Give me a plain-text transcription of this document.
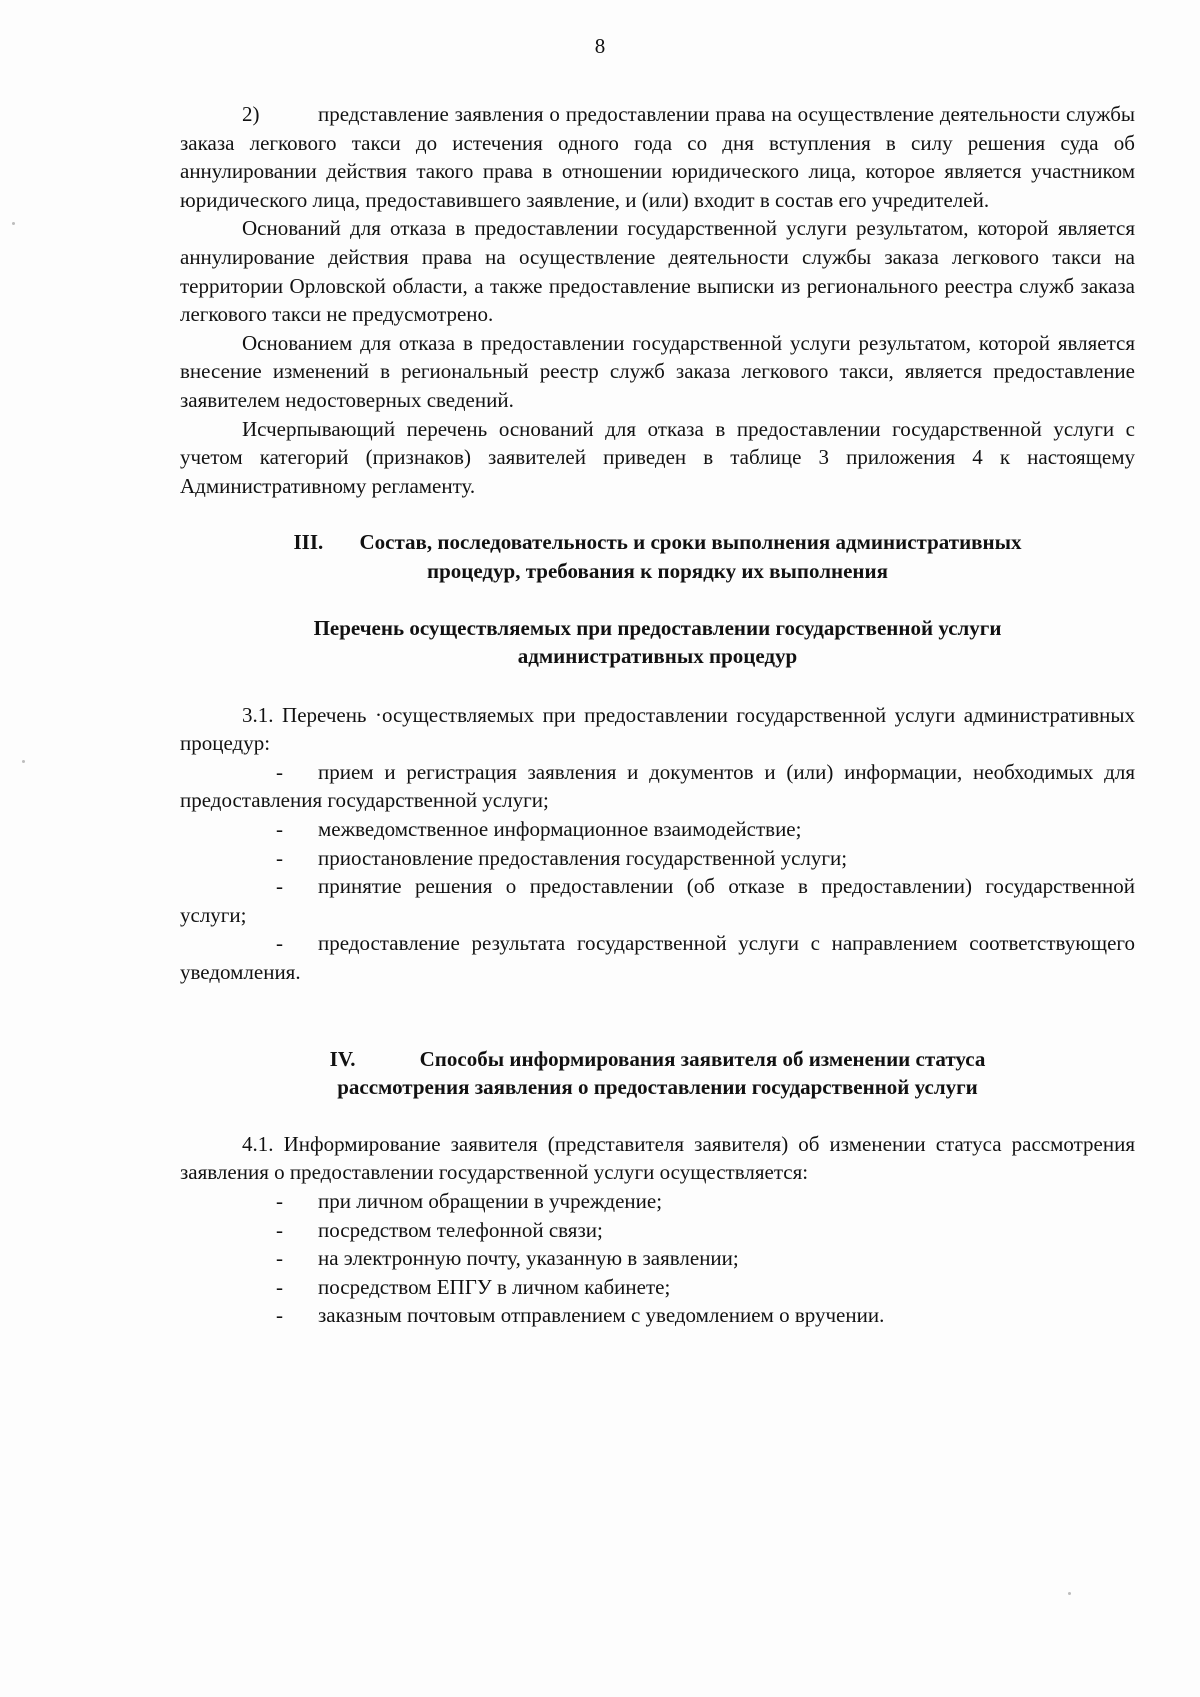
8

2)	представление заявления о предоставлении права на осуществление деятельности службы заказа легкового такси до истечения одного года со дня вступления в силу решения суда об аннулировании действия такого права в отношении юридического лица, которое является участником юридического лица, предоставившего заявление, и (или) входит в состав его учредителей.

Оснований для отказа в предоставлении государственной услуги результатом, которой является аннулирование действия права на осуществление деятельности службы заказа легкового такси на территории Орловской области, а также предоставление выписки из регионального реестра служб заказа легкового такси не предусмотрено.

Основанием для отказа в предоставлении государственной услуги результатом, которой является внесение изменений в региональный реестр служб заказа легкового такси, является предоставление заявителем недостоверных сведений.

Исчерпывающий перечень оснований для отказа в предоставлении государственной услуги с учетом категорий (признаков) заявителей приведен в таблице 3 приложения 4 к настоящему Административному регламенту.

III. Состав, последовательность и сроки выполнения административных
процедур, требования к порядку их выполнения
Перечень осуществляемых при предоставлении государственной услуги
административных процедур

3.1. Перечень ·осуществляемых при предоставлении государственной услуги административных процедур:

- прием и регистрация заявления и документов и (или) информации, необходимых для предоставления государственной услуги;

- межведомственное информационное взаимодействие;

- приостановление предоставления государственной услуги;

- принятие решения о предоставлении (об отказе в предоставлении) государственной услуги;

- предоставление результата государственной услуги с направлением соответствующего уведомления.

IV.	Способы информирования заявителя об изменении статуса
рассмотрения заявления о предоставлении государственной услуги

4.1. Информирование заявителя (представителя заявителя) об изменении статуса рассмотрения заявления о предоставлении государственной услуги осуществляется:

- при личном обращении в учреждение;

- посредством телефонной связи;

- на электронную почту, указанную в заявлении;

- посредством ЕПГУ в личном кабинете;

- заказным почтовым отправлением с уведомлением о вручении.
